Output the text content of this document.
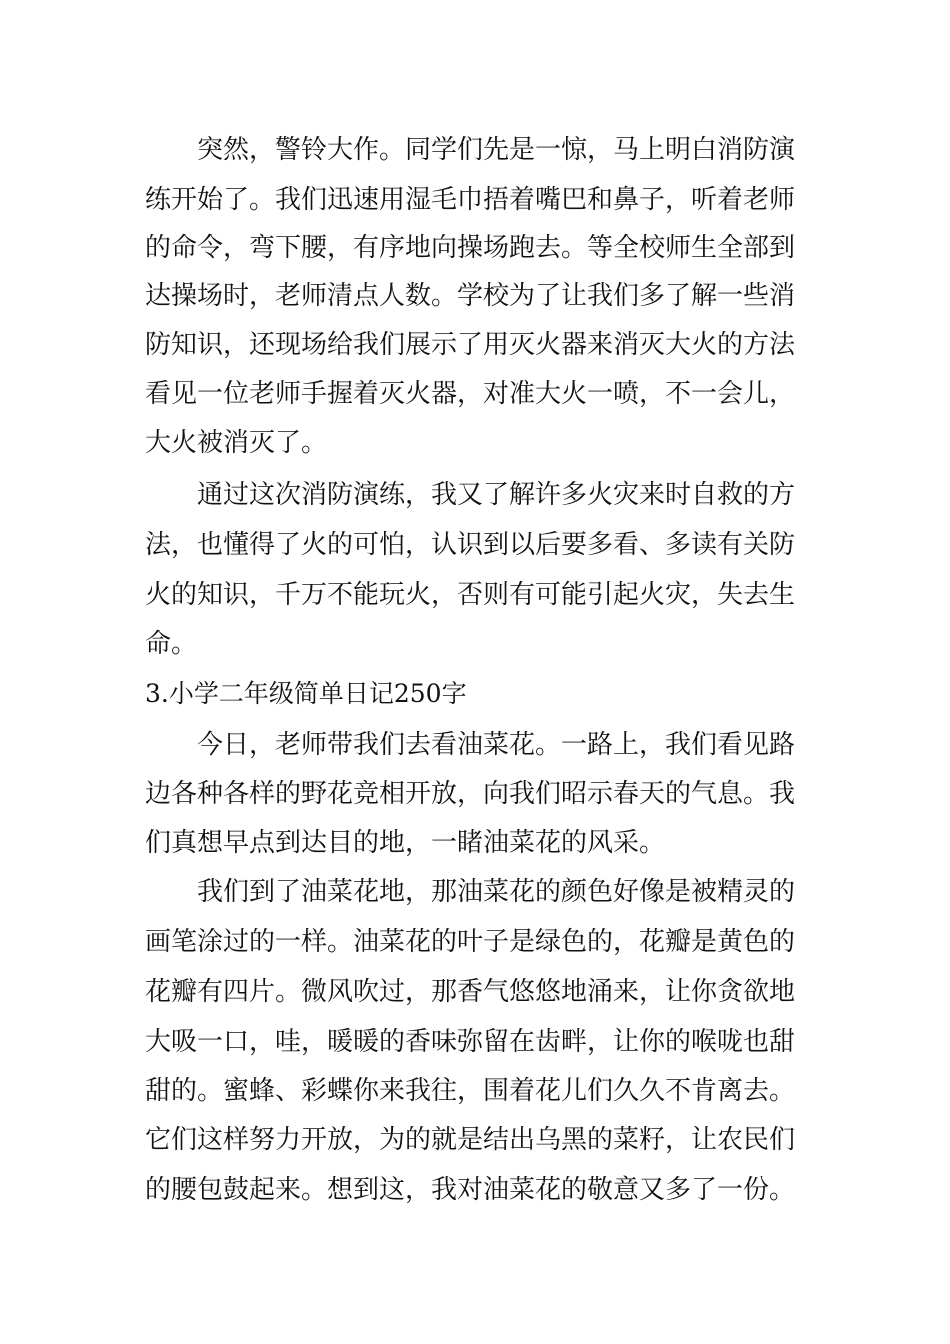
突然，警铃大作。同学们先是一惊，马上明白消防演
练开始了。我们迅速用湿毛巾捂着嘴巴和鼻子，听着老师
的命令，弯下腰，有序地向操场跑去。等全校师生全部到
达操场时，老师清点人数。学校为了让我们多了解一些消
防知识，还现场给我们展示了用灭火器来消灭大火的方法
看见一位老师手握着灭火器，对准大火一喷，不一会儿，
大火被消灭了。
通过这次消防演练，我又了解许多火灾来时自救的方
法，也懂得了火的可怕，认识到以后要多看、多读有关防
火的知识，千万不能玩火，否则有可能引起火灾，失去生
命。
3.小学二年级简单日记250字
今日，老师带我们去看油菜花。一路上，我们看见路
边各种各样的野花竞相开放，向我们昭示春天的气息。我
们真想早点到达目的地，一睹油菜花的风采。
我们到了油菜花地，那油菜花的颜色好像是被精灵的
画笔涂过的一样。油菜花的叶子是绿色的，花瓣是黄色的
花瓣有四片。微风吹过，那香气悠悠地涌来，让你贪欲地
大吸一口，哇，暖暖的香味弥留在齿畔，让你的喉咙也甜
甜的。蜜蜂、彩蝶你来我往，围着花儿们久久不肯离去。
它们这样努力开放，为的就是结出乌黑的菜籽，让农民们
的腰包鼓起来。想到这，我对油菜花的敬意又多了一份。
